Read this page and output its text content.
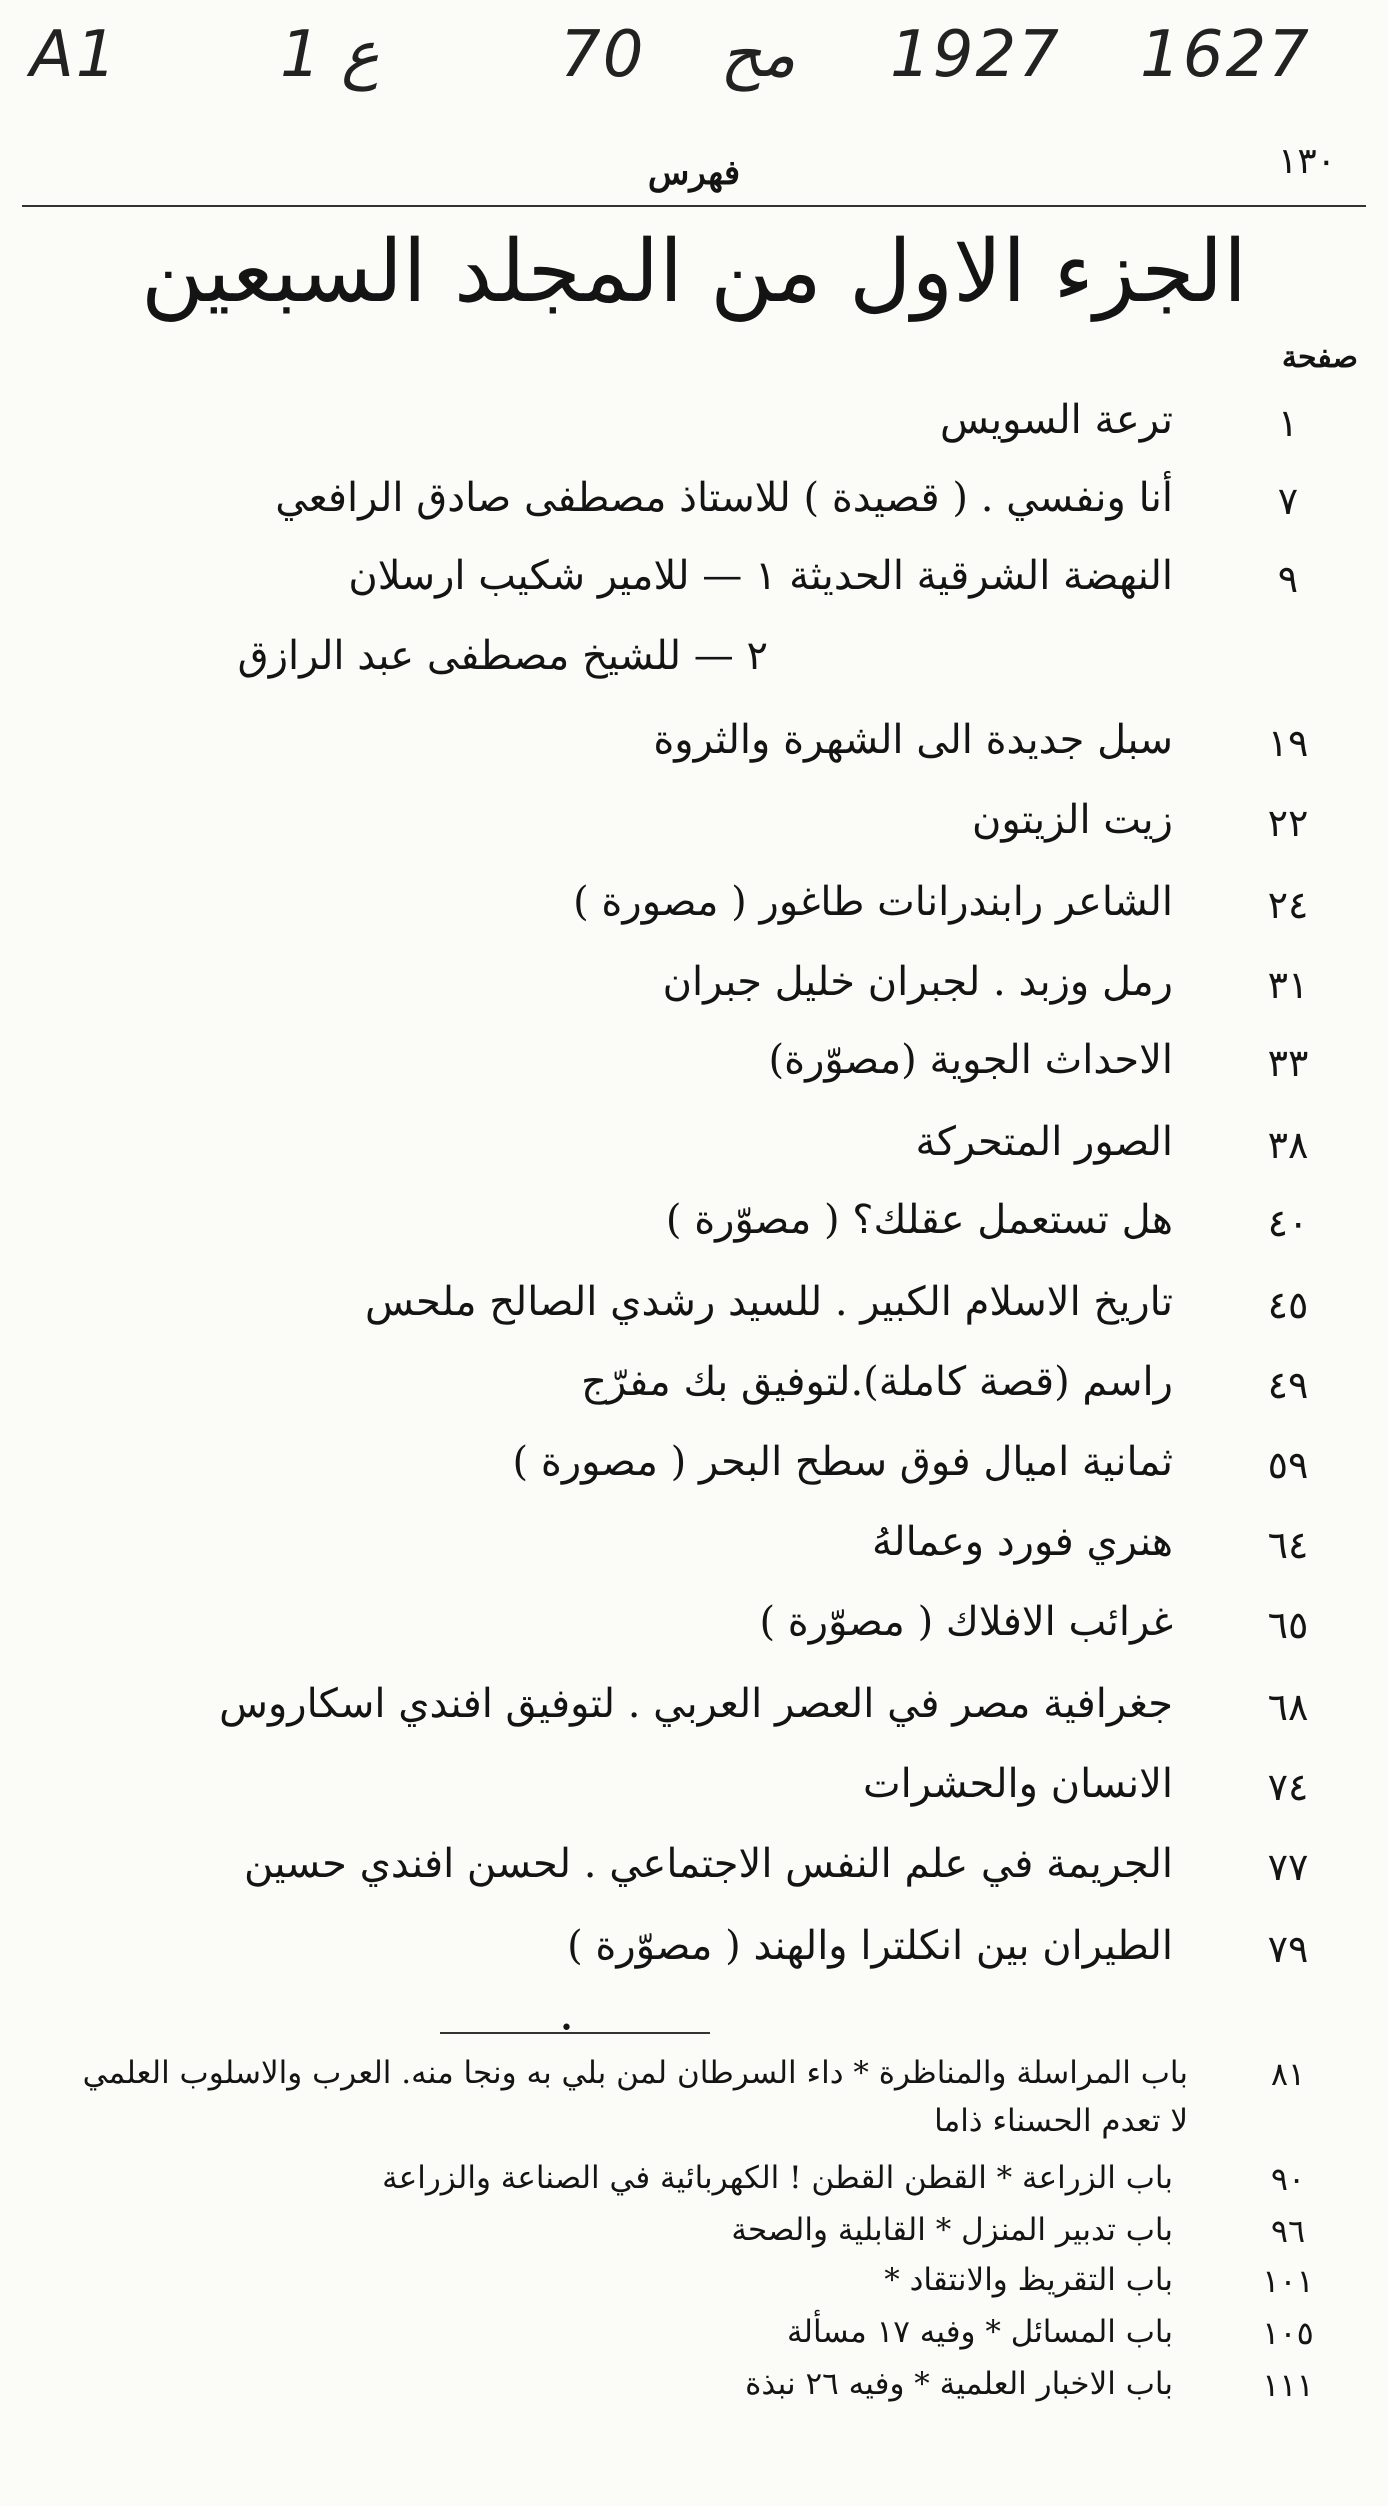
A1	1 ع	70 مح 1927 1627
١٣٠
فهرس
الجزء الاول من المجلد السبعين
صفحة
١
ترعة السويس
٧
أنا ونفسي . ( قصيدة ) للاستاذ مصطفى صادق الرافعي
٩
النهضة الشرقية الحديثة ١ — للامير شكيب ارسلان
٢ — للشيخ مصطفى عبد الرازق
١٩
سبل جديدة الى الشهرة والثروة
٢٢
زيت الزيتون
٢٤
الشاعر رابندرانات طاغور ( مصورة )
٣١
رمل وزبد . لجبران خليل جبران
٣٣
الاحداث الجوية (مصوّرة)
٣٨
الصور المتحركة
٤٠
هل تستعمل عقلك؟ ( مصوّرة )
٤٥
تاريخ الاسلام الكبير . للسيد رشدي الصالح ملحس
٤٩
راسم (قصة كاملة).لتوفيق بك مفرّج
٥٩
ثمانية اميال فوق سطح البحر ( مصورة )
٦٤
هنري فورد وعمالهُ
٦٥
غرائب الافلاك ( مصوّرة )
٦٨
جغرافية مصر في العصر العربي . لتوفيق افندي اسكاروس
٧٤
الانسان والحشرات
٧٧
الجريمة في علم النفس الاجتماعي . لحسن افندي حسين
٧٩
الطيران بين انكلترا والهند ( مصوّرة )
•
٨١
باب المراسلة والمناظرة * داء السرطان لمن بلي به ونجا منه. العرب والاسلوب العلمي
لا تعدم الحسناء ذاما
٩٠
باب الزراعة * القطن القطن ! الكهربائية في الصناعة والزراعة
٩٦
باب تدبير المنزل * القابلية والصحة
١٠١
باب التقريظ والانتقاد *
١٠٥
باب المسائل * وفيه ١٧ مسألة
١١١
باب الاخبار العلمية * وفيه ٢٦ نبذة
